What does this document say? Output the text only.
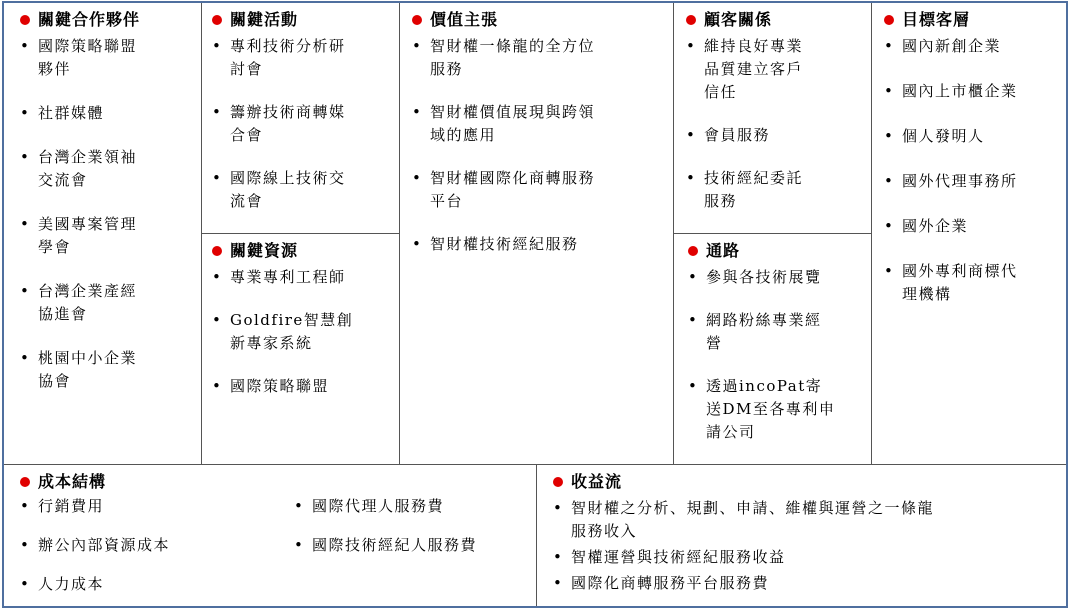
關鍵合作夥伴
• 國際策略聯盟
夥伴
• 社群媒體
• 台灣企業領袖
交流會
• 美國專案管理
學會
• 台灣企業產經
協進會
• 桃園中小企業
協會
關鍵活動
• 專利技術分析研
討會
• 籌辦技術商轉媒
合會
• 國際線上技術交
流會
關鍵資源
• 專業專利工程師
• Goldfire智慧創
新專家系統
• 國際策略聯盟
價值主張
• 智財權一條龍的全方位
服務
• 智財權價值展現與跨領
域的應用
• 智財權國際化商轉服務
平台
• 智財權技術經紀服務
顧客關係
• 維持良好專業
品質建立客戶
信任
• 會員服務
• 技術經紀委託
服務
通路
• 參與各技術展覽
• 網路粉絲專業經
營
• 透過incoPat寄
送DM至各專利申
請公司
目標客層
• 國內新創企業
• 國內上市櫃企業
• 個人發明人
• 國外代理事務所
• 國外企業
• 國外專利商標代
理機構
成本結構
• 行銷費用
• 辦公內部資源成本
• 人力成本
• 國際代理人服務費
• 國際技術經紀人服務費
收益流
• 智財權之分析、規劃、申請、維權與運營之一條龍
服務收入
• 智權運營與技術經紀服務收益
• 國際化商轉服務平台服務費
